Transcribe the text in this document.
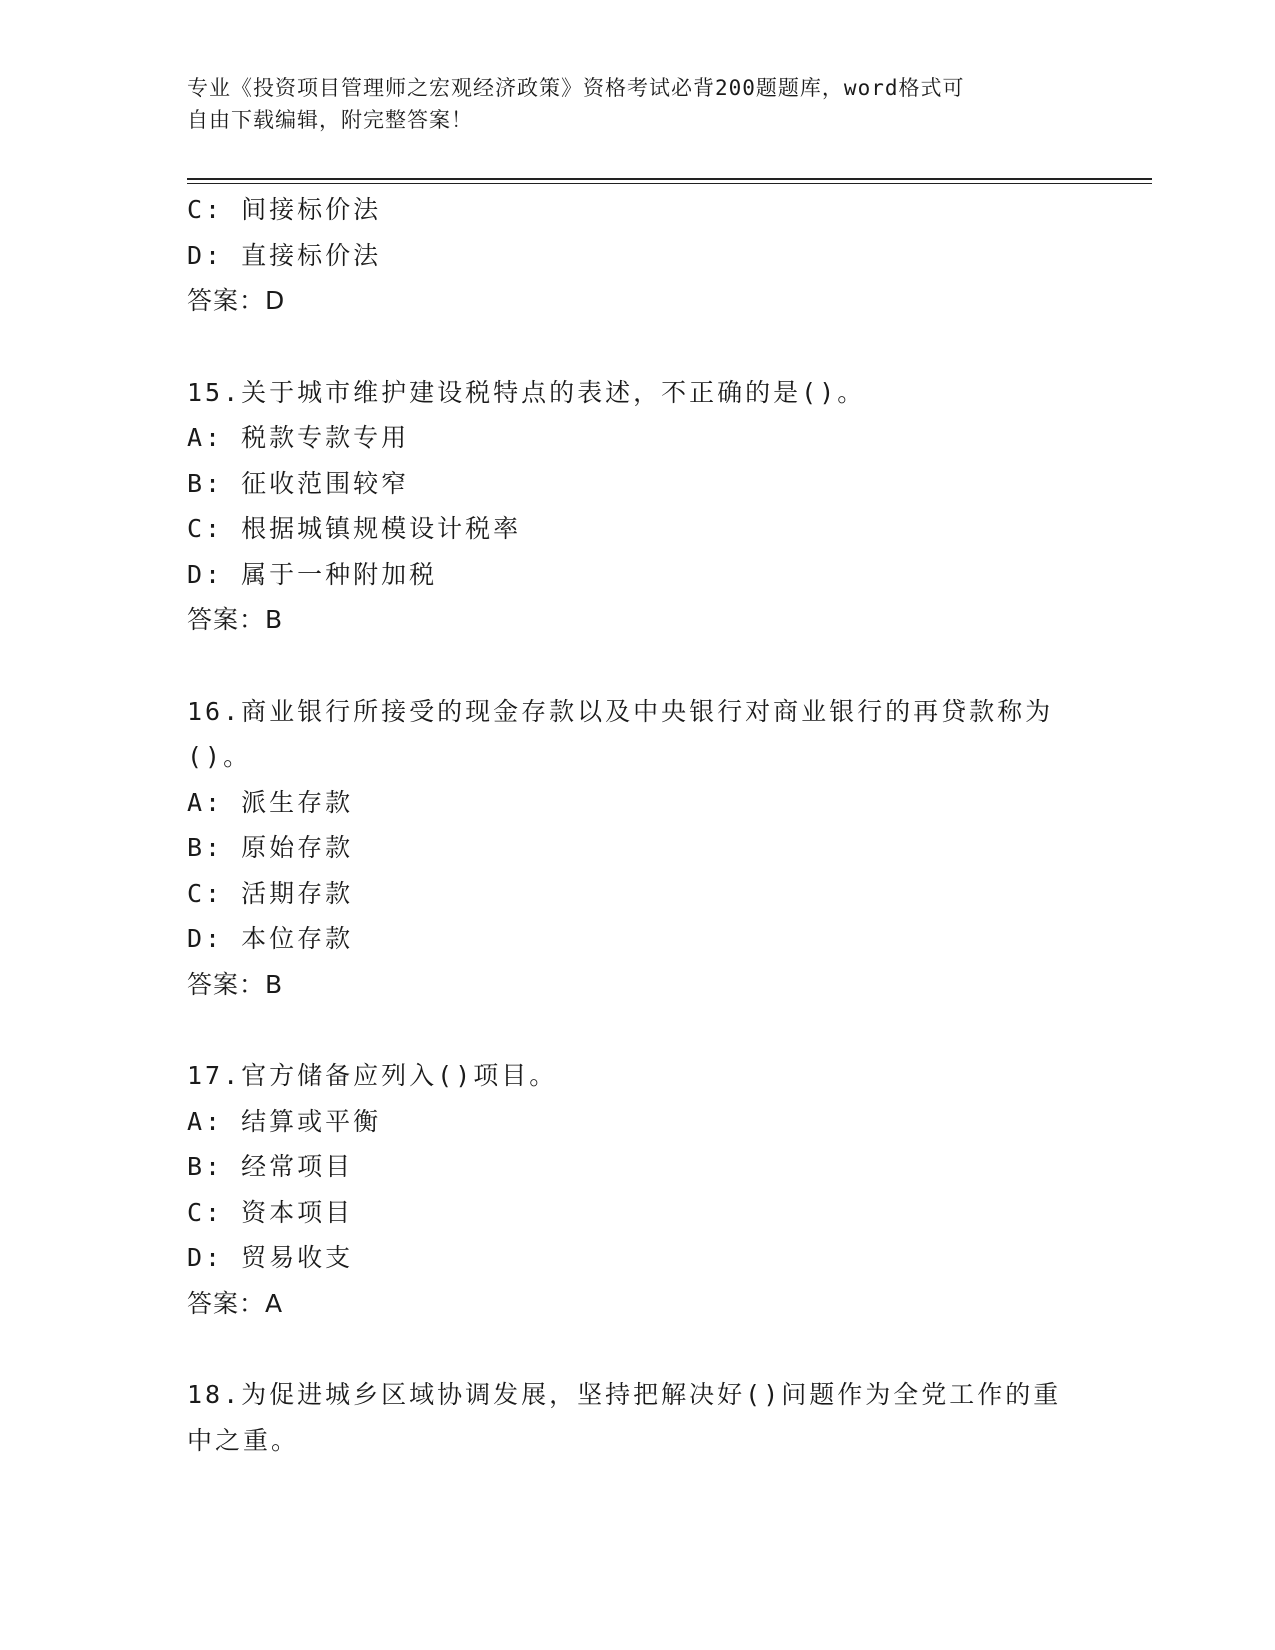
专业《投资项目管理师之宏观经济政策》资格考试必背200题题库，word格式可
自由下载编辑，附完整答案！
C: 间接标价法
D: 直接标价法
答案：D
15.关于城市维护建设税特点的表述，不正确的是()。
A: 税款专款专用
B: 征收范围较窄
C: 根据城镇规模设计税率
D: 属于一种附加税
答案：B
16.商业银行所接受的现金存款以及中央银行对商业银行的再贷款称为
()。
A: 派生存款
B: 原始存款
C: 活期存款
D: 本位存款
答案：B
17.官方储备应列入()项目。
A: 结算或平衡
B: 经常项目
C: 资本项目
D: 贸易收支
答案：A
18.为促进城乡区域协调发展，坚持把解决好()问题作为全党工作的重
中之重。
